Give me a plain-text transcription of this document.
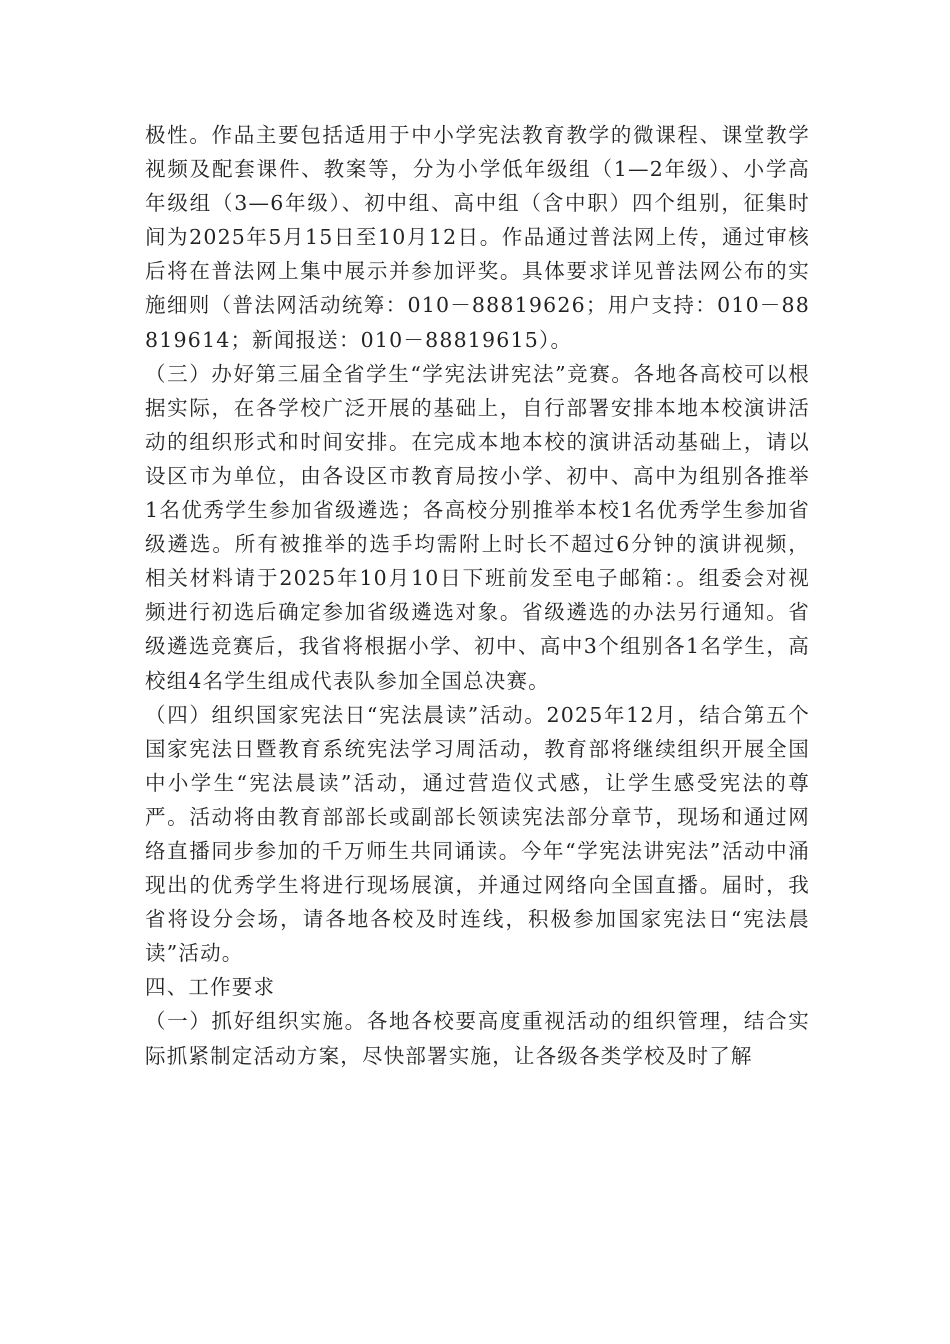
极性。作品主要包括适用于中小学宪法教育教学的微课程、课堂教学视频及配套课件、教案等，分为小学低年级组（1—2年级）、小学高年级组（3—6年级）、初中组、高中组（含中职）四个组别，征集时间为2025年5月15日至10月12日。作品通过普法网上传，通过审核后将在普法网上集中展示并参加评奖。具体要求详见普法网公布的实施细则（普法网活动统筹：010－88819626；用户支持：010－88819614；新闻报送：010－88819615）。

（三）办好第三届全省学生“学宪法讲宪法”竞赛。各地各高校可以根据实际，在各学校广泛开展的基础上，自行部署安排本地本校演讲活动的组织形式和时间安排。在完成本地本校的演讲活动基础上，请以设区市为单位，由各设区市教育局按小学、初中、高中为组别各推举1名优秀学生参加省级遴选；各高校分别推举本校1名优秀学生参加省级遴选。所有被推举的选手均需附上时长不超过6分钟的演讲视频，相关材料请于2025年10月10日下班前发至电子邮箱：。组委会对视频进行初选后确定参加省级遴选对象。省级遴选的办法另行通知。省级遴选竞赛后，我省将根据小学、初中、高中3个组别各1名学生，高校组4名学生组成代表队参加全国总决赛。

（四）组织国家宪法日“宪法晨读”活动。2025年12月，结合第五个国家宪法日暨教育系统宪法学习周活动，教育部将继续组织开展全国中小学生“宪法晨读”活动，通过营造仪式感，让学生感受宪法的尊严。活动将由教育部部长或副部长领读宪法部分章节，现场和通过网络直播同步参加的千万师生共同诵读。今年“学宪法讲宪法”活动中涌现出的优秀学生将进行现场展演，并通过网络向全国直播。届时，我省将设分会场，请各地各校及时连线，积极参加国家宪法日“宪法晨读”活动。

四、工作要求

（一）抓好组织实施。各地各校要高度重视活动的组织管理，结合实际抓紧制定活动方案，尽快部署实施，让各级各类学校及时了解
